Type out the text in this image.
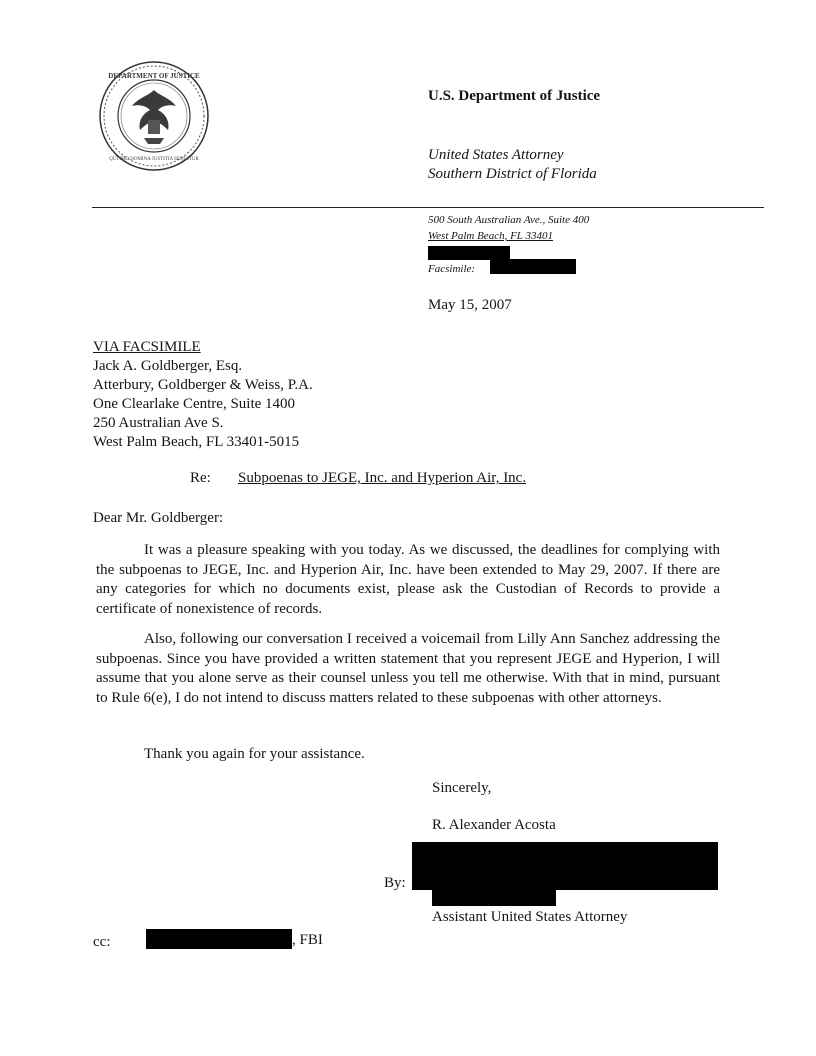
DEPARTMENT OF JUSTICE
QUI PRO DOMINA JUSTITIA SEQUITUR
U.S. Department of Justice
United States Attorney
Southern District of Florida
500 South Australian Ave., Suite 400
West Palm Beach, FL 33401
Facsimile:
May 15, 2007
VIA FACSIMILE
Jack A. Goldberger, Esq.
Atterbury, Goldberger & Weiss, P.A.
One Clearlake Centre, Suite 1400
250 Australian Ave S.
West Palm Beach, FL 33401-5015
Re: Subpoenas to JEGE, Inc. and Hyperion Air, Inc.
Dear Mr. Goldberger:
It was a pleasure speaking with you today. As we discussed, the deadlines for complying with the subpoenas to JEGE, Inc. and Hyperion Air, Inc. have been extended to May 29, 2007. If there are any categories for which no documents exist, please ask the Custodian of Records to provide a certificate of nonexistence of records.
Also, following our conversation I received a voicemail from Lilly Ann Sanchez addressing the subpoenas. Since you have provided a written statement that you represent JEGE and Hyperion, I will assume that you alone serve as their counsel unless you tell me otherwise. With that in mind, pursuant to Rule 6(e), I do not intend to discuss matters related to these subpoenas with other attorneys.
Thank you again for your assistance.
Sincerely,
R. Alexander Acosta
By:
Assistant United States Attorney
cc:	, FBI
